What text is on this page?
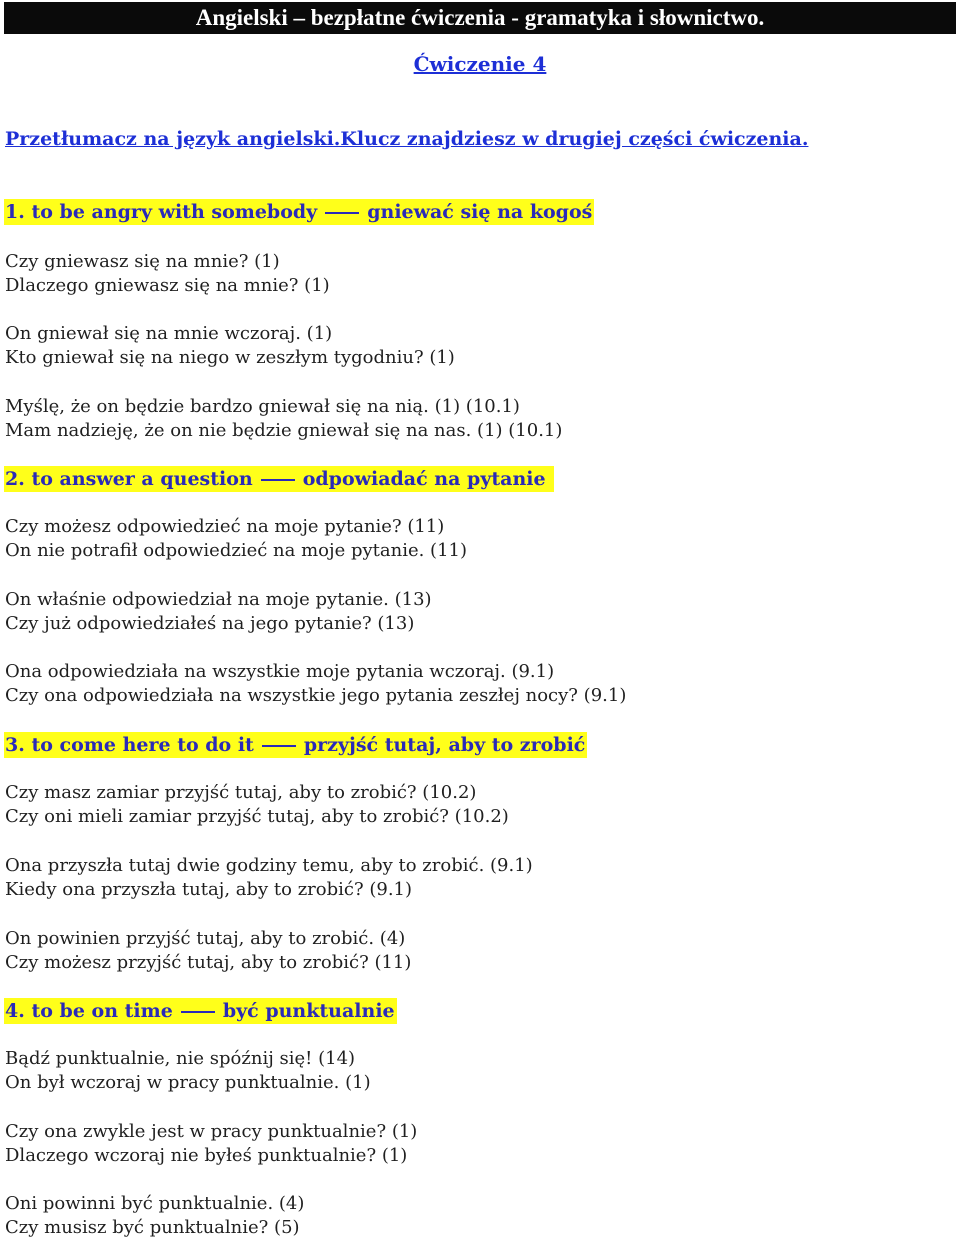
Angielski – bezpłatne ćwiczenia - gramatyka i słownictwo.
Ćwiczenie 4
Przetłumacz na język angielski.Klucz znajdziesz w drugiej części ćwiczenia.
1. to be angry with somebody	gniewać się na kogoś
Czy gniewasz się na mnie? (1)
Dlaczego gniewasz się na mnie? (1)
On gniewał się na mnie wczoraj. (1)
Kto gniewał się na niego w zeszłym tygodniu? (1)
Myślę, że on będzie bardzo gniewał się na nią. (1) (10.1)
Mam nadzieję, że on nie będzie gniewał się na nas. (1) (10.1)
2. to answer a question	odpowiadać na pytanie
Czy możesz odpowiedzieć na moje pytanie? (11)
On nie potrafił odpowiedzieć na moje pytanie. (11)
On właśnie odpowiedział na moje pytanie. (13)
Czy już odpowiedziałeś na jego pytanie? (13)
Ona odpowiedziała na wszystkie moje pytania wczoraj. (9.1)
Czy ona odpowiedziała na wszystkie jego pytania zeszłej nocy? (9.1)
3. to come here to do it	przyjść tutaj, aby to zrobić
Czy masz zamiar przyjść tutaj, aby to zrobić? (10.2)
Czy oni mieli zamiar przyjść tutaj, aby to zrobić? (10.2)
Ona przyszła tutaj dwie godziny temu, aby to zrobić. (9.1)
Kiedy ona przyszła tutaj, aby to zrobić? (9.1)
On powinien przyjść tutaj, aby to zrobić. (4)
Czy możesz przyjść tutaj, aby to zrobić? (11)
4. to be on time	być punktualnie
Bądź punktualnie, nie spóźnij się! (14)
On był wczoraj w pracy punktualnie. (1)
Czy ona zwykle jest w pracy punktualnie? (1)
Dlaczego wczoraj nie byłeś punktualnie? (1)
Oni powinni być punktualnie. (4)
Czy musisz być punktualnie? (5)
